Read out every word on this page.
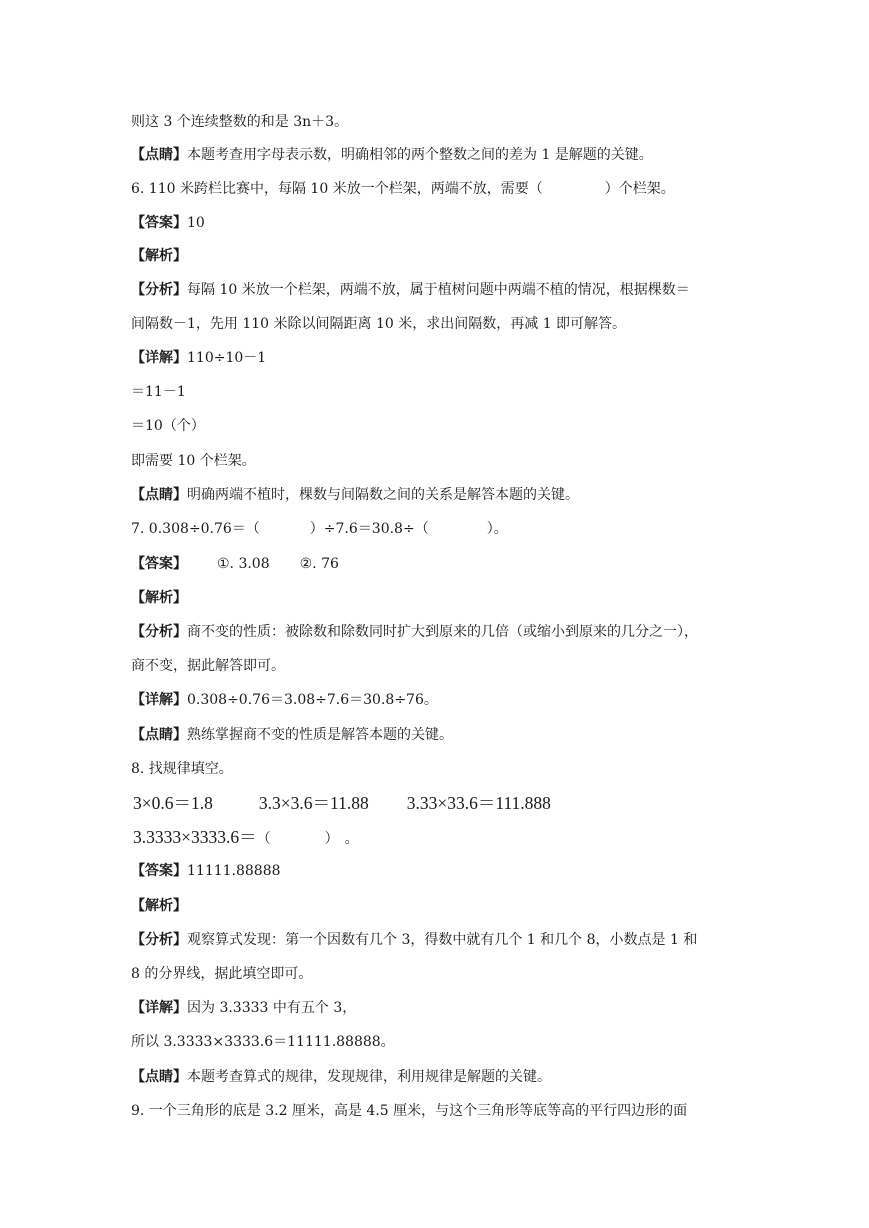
则这 3 个连续整数的和是 3n＋3。
【点睛】本题考查用字母表示数，明确相邻的两个整数之间的差为 1 是解题的关键。
6. 110 米跨栏比赛中，每隔 10 米放一个栏架，两端不放，需要（	）个栏架。
【答案】10
【解析】
【分析】每隔 10 米放一个栏架，两端不放，属于植树问题中两端不植的情况，根据棵数＝
间隔数－1，先用 110 米除以间隔距离 10 米，求出间隔数，再减 1 即可解答。
【详解】110÷10－1
＝11－1
＝10（个）
即需要 10 个栏架。
【点睛】明确两端不植时，棵数与间隔数之间的关系是解答本题的关键。
7. 0.308÷0.76＝（	）÷7.6＝30.8÷（	）。
【答案】 ①. 3.08 ②. 76
【解析】
【分析】商不变的性质：被除数和除数同时扩大到原来的几倍（或缩小到原来的几分之一），
商不变，据此解答即可。
【详解】0.308÷0.76＝3.08÷7.6＝30.8÷76。
【点睛】熟练掌握商不变的性质是解答本题的关键。
8. 找规律填空。
3×0.6＝1.8	3.3×3.6＝11.88 3.33×33.6＝111.888
3.3333×3333.6＝（	） 。
【答案】11111.88888
【解析】
【分析】观察算式发现：第一个因数有几个 3，得数中就有几个 1 和几个 8，小数点是 1 和
8 的分界线，据此填空即可。
【详解】因为 3.3333 中有五个 3，
所以 3.3333×3333.6＝11111.88888。
【点睛】本题考查算式的规律，发现规律，利用规律是解题的关键。
9. 一个三角形的底是 3.2 厘米，高是 4.5 厘米，与这个三角形等底等高的平行四边形的面
